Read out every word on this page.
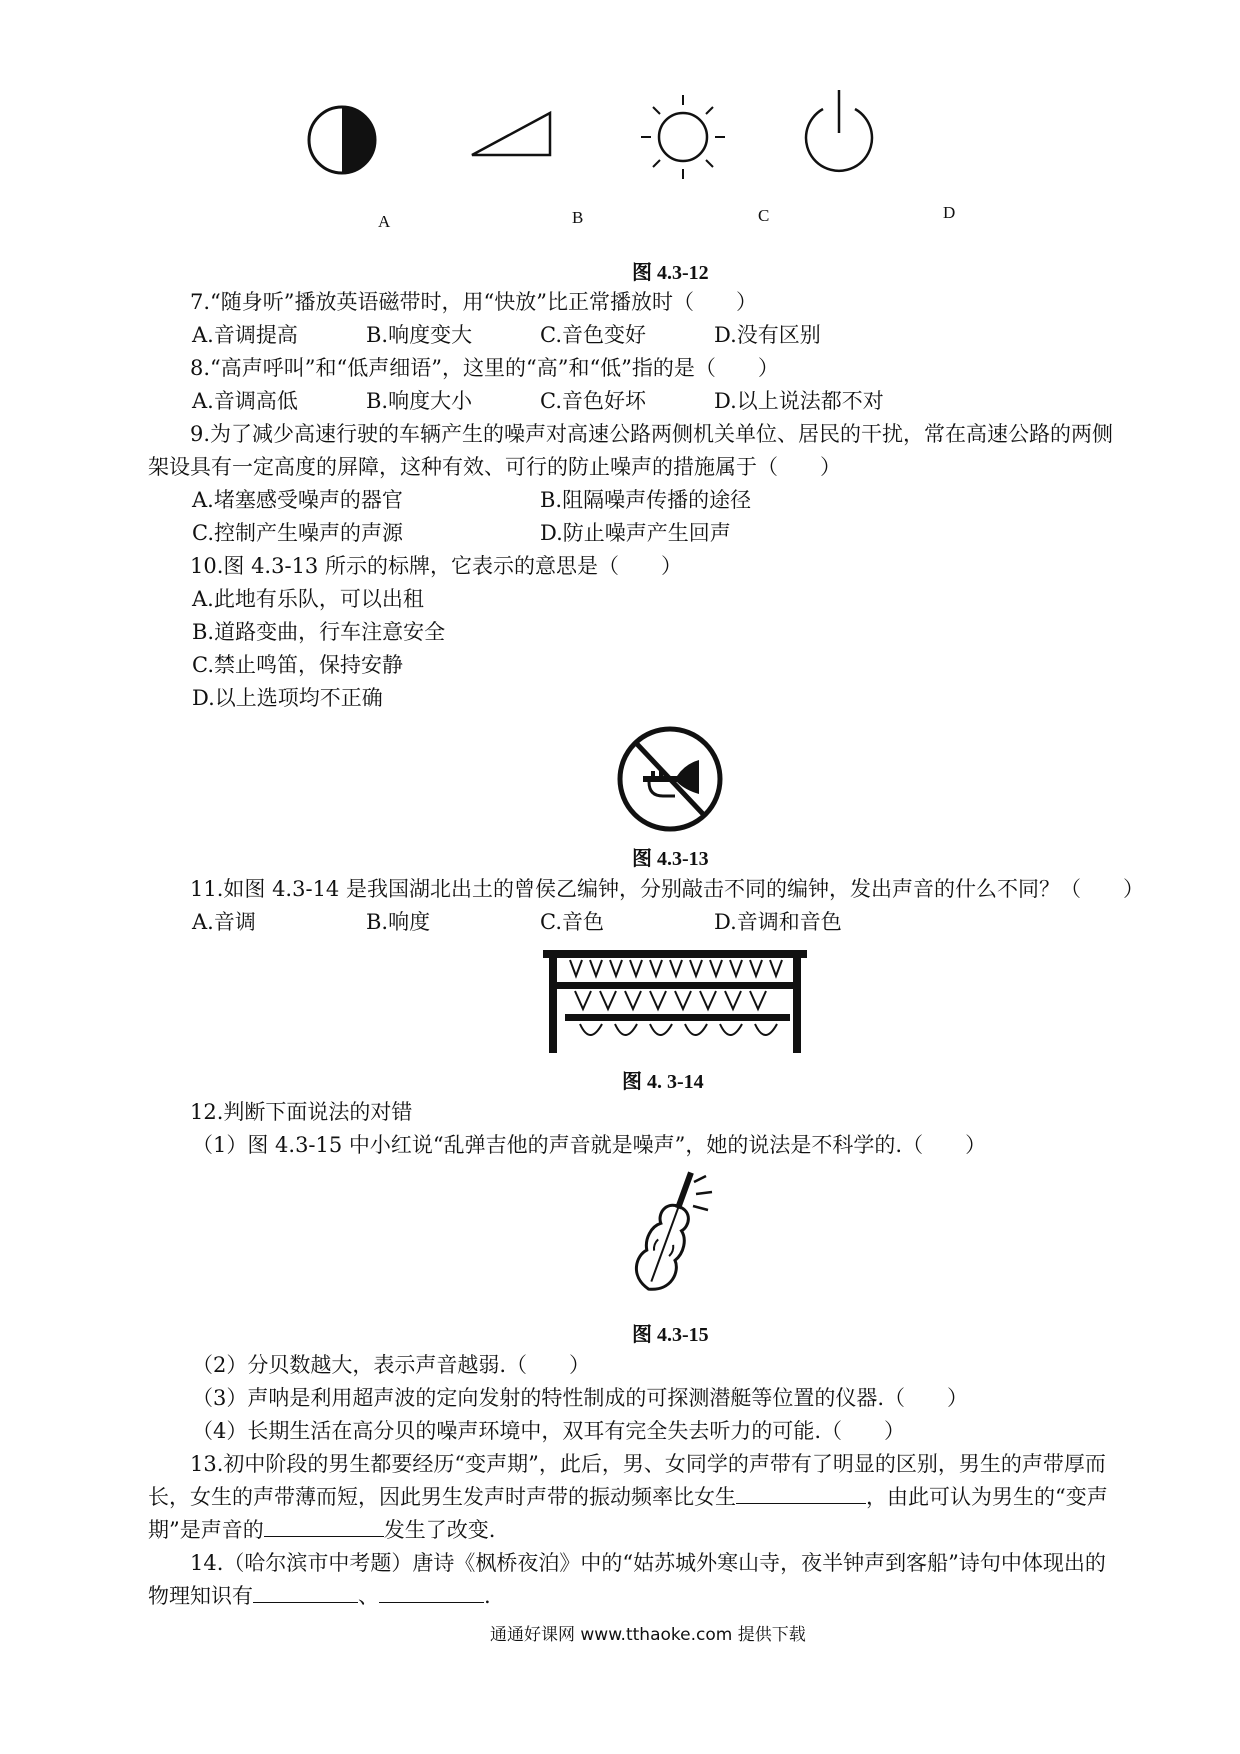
A	B	C	D
图 4.3-12
7.“随身听”播放英语磁带时，用“快放”比正常播放时（　　）
A.音调提高	B.响度变大	C.音色变好	D.没有区别
8.“高声呼叫”和“低声细语”，这里的“高”和“低”指的是（　　）
A.音调高低	B.响度大小	C.音色好坏	D.以上说法都不对
9.为了减少高速行驶的车辆产生的噪声对高速公路两侧机关单位、居民的干扰，常在高速公路的两侧
架设具有一定高度的屏障，这种有效、可行的防止噪声的措施属于（　　）
A.堵塞感受噪声的器官	B.阻隔噪声传播的途径
C.控制产生噪声的声源	D.防止噪声产生回声
10.图 4.3-13 所示的标牌，它表示的意思是（　　）
A.此地有乐队，可以出租
B.道路变曲，行车注意安全
C.禁止鸣笛，保持安静
D.以上选项均不正确
图 4.3-13
11.如图 4.3-14 是我国湖北出土的曾侯乙编钟，分别敲击不同的编钟，发出声音的什么不同？（　　）
A.音调	B.响度	C.音色	D.音调和音色
图 4. 3-14
12.判断下面说法的对错
（1）图 4.3-15 中小红说“乱弹吉他的声音就是噪声”，她的说法是不科学的.（　　）
图 4.3-15
（2）分贝数越大，表示声音越弱.（　　）
（3）声呐是利用超声波的定向发射的特性制成的可探测潜艇等位置的仪器.（　　）
（4）长期生活在高分贝的噪声环境中，双耳有完全失去听力的可能.（　　）
13.初中阶段的男生都要经历“变声期”，此后，男、女同学的声带有了明显的区别，男生的声带厚而
长，女生的声带薄而短，因此男生发声时声带的振动频率比女生	，由此可认为男生的“变声
期”是声音的	发生了改变.
14.（哈尔滨市中考题）唐诗《枫桥夜泊》中的“姑苏城外寒山寺，夜半钟声到客船”诗句中体现出的
物理知识有	、	.
通通好课网 www.tthaoke.com 提供下载
